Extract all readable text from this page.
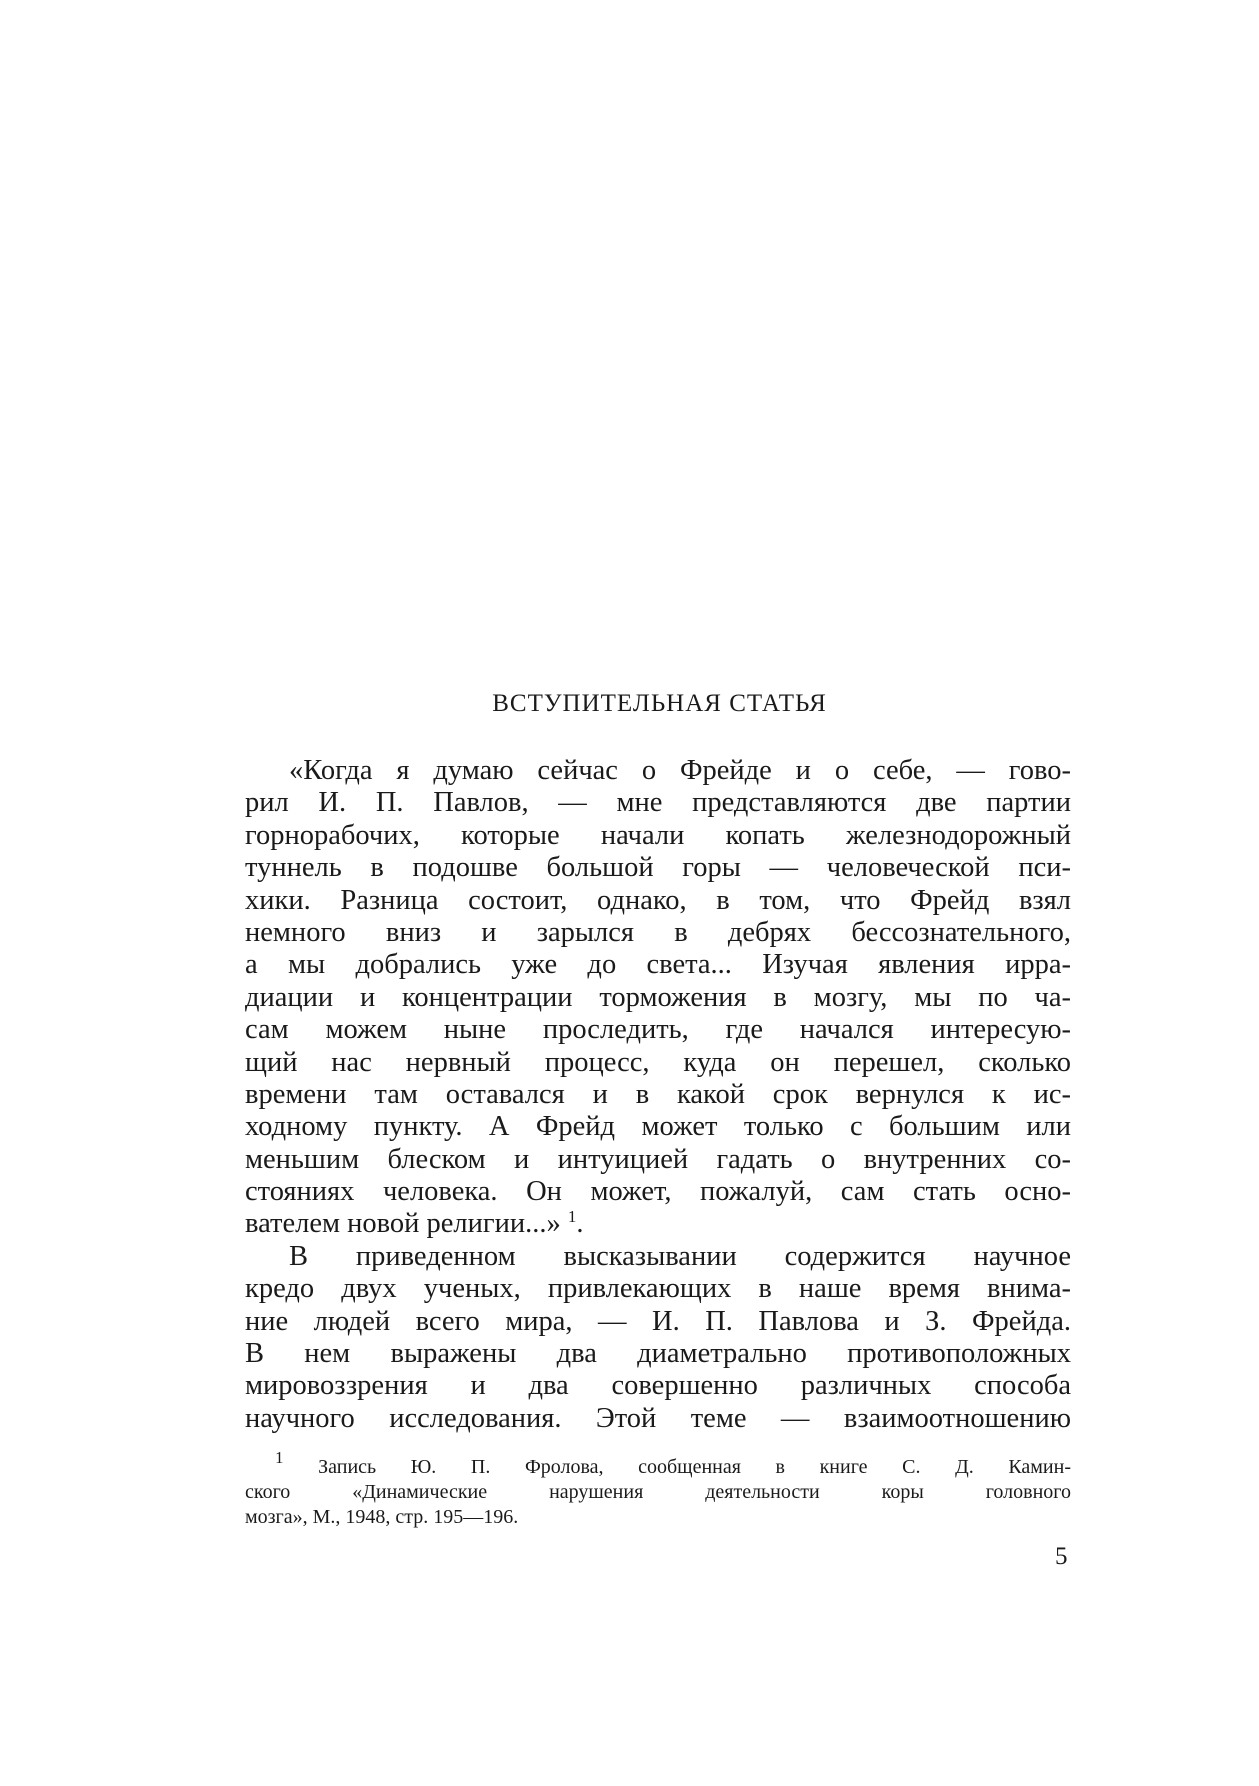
ВСТУПИТЕЛЬНАЯ СТАТЬЯ
«Когда я думаю сейчас о Фрейде и о себе, — гово-
рил И. П. Павлов, — мне представляются две партии
горнорабочих, которые начали копать железнодорожный
туннель в подошве большой горы — человеческой пси-
хики. Разница состоит, однако, в том, что Фрейд взял
немного вниз и зарылся в дебрях бессознательного,
а мы добрались уже до света... Изучая явления ирра-
диации и концентрации торможения в мозгу, мы по ча-
сам можем ныне проследить, где начался интересую-
щий нас нервный процесс, куда он перешел, сколько
времени там оставался и в какой срок вернулся к ис-
ходному пункту. А Фрейд может только с большим или
меньшим блеском и интуицией гадать о внутренних со-
стояниях человека. Он может, пожалуй, сам стать осно-
вателем новой религии...» $^1$.
В приведенном высказывании содержится научное
кредо двух ученых, привлекающих в наше время внима-
ние людей всего мира, — И. П. Павлова и З. Фрейда.
В нем выражены два диаметрально противоположных
мировоззрения и два совершенно различных способа
научного исследования. Этой теме — взаимоотношению
$^1$ Запись Ю. П. Фролова, сообщенная в книге С. Д. Камин-
ского «Динамические нарушения деятельности коры головного
мозга», М., 1948, стр. 195—196.
5
